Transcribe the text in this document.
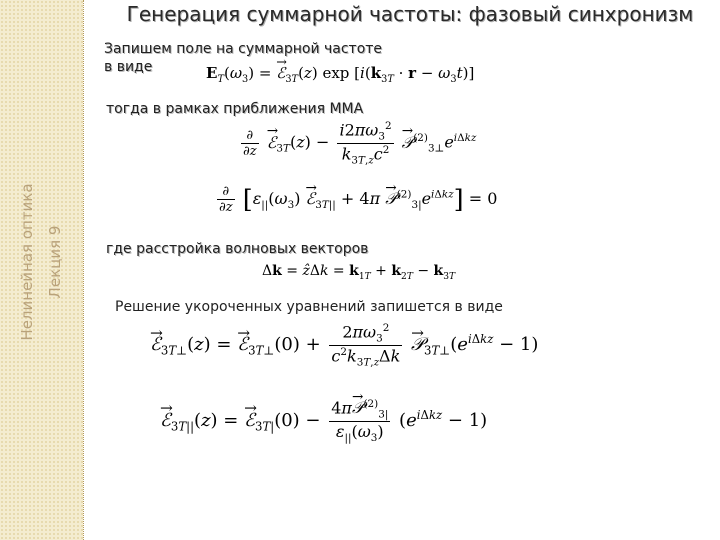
Нелинейная оптика Лекция 9
Генерация суммарной частоты: фазовый синхронизм
Запишем поле на суммарной частоте
в виде	$E_T(\omega_3)$ = → ℰ$_{3T}$(z) $\exp [i(k_{3T} \cdot r - \omega_3t)]$
тогда в рамках приближения ММА
$\frac{\partial}{\partial z}$ → ℰ$_{3T}$(z) − $\frac{i2\pi\omega_3^2}{k_{3T,z}c^2}$ → $𝒫^{(2)}_{3\perp}e^{i\Delta kz}$
$\frac{\partial}{\partial z} [\varepsilon_{||}(\omega_3)$ → ℰ$_{3T||}$ + $4\pi \to 𝒫^{(2)}_{3|}e^{i\Delta kz}] = 0$
где расстройка волновых векторов
Δk = ẑΔk = $k_{1T} + k_{2T} - k_{3T}$
Решение укороченных уравнений запишется в виде
→ ℰ$_{3T\perp}$(z) = → ℰ$_{3T\perp}$(0) + $\frac{2\pi\omega_3^2}{c^2k_{3T,z}\Delta k}$ → $𝒫_{3T\perp}(e^{i\Delta kz} - 1)$
→ ℰ$_{3T||}$(z) = → ℰ$_{3T|}$(0) − $\frac{4\pi\to 𝒫^{(2)}_{3|}}{\varepsilon_{||}(\omega_3)} (e^{i\Delta kz} - 1)$
